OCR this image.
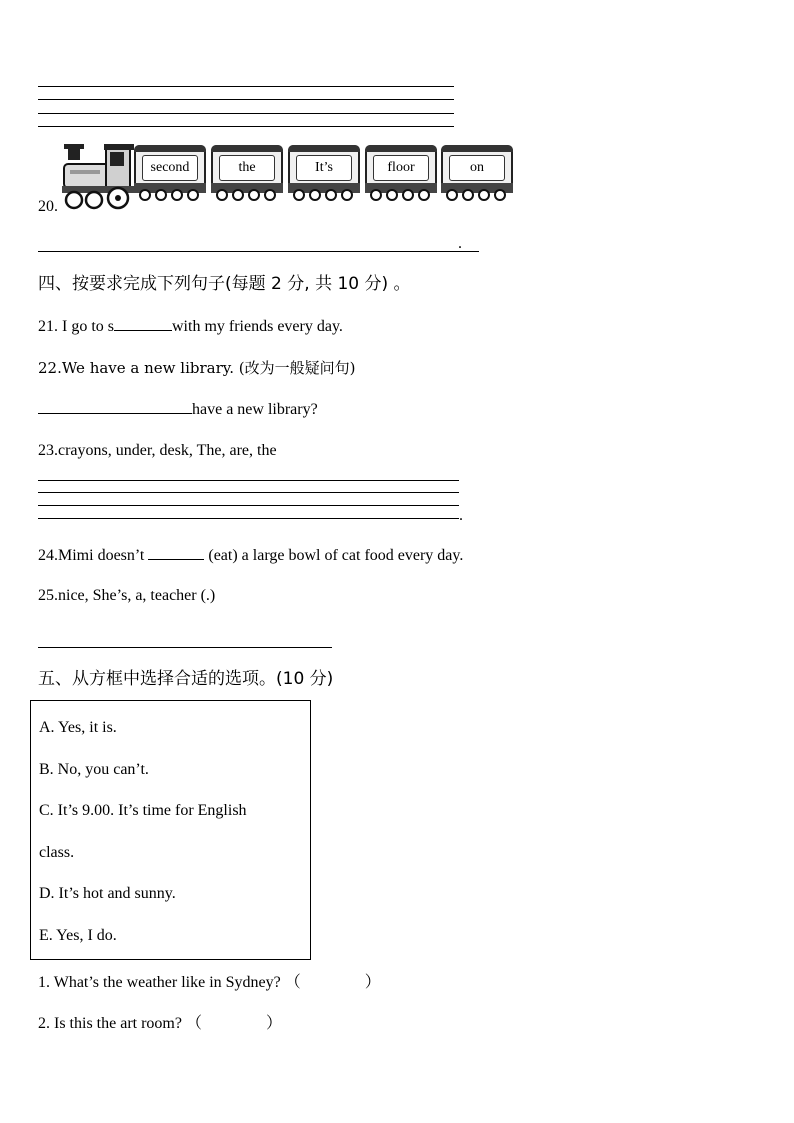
second	the	It’s	floor	on
20.
.
四、按要求完成下列句子(每题 2 分, 共 10 分) 。
21. I go to s	with my friends every day.
22.We have a new library. (改为一般疑问句)
have a new library?
23.crayons, under, desk, The, are, the
.
24.Mimi doesn’t	(eat) a large bowl of cat food every day.
25.nice, She’s, a, teacher (.)
五、从方框中选择合适的选项。(10 分)
A. Yes, it is.
B. No, you can’t.
C. It’s 9.00. It’s time for English
class.
D. It’s hot and sunny.
E. Yes, I do.
1. What’s the weather like in Sydney? （　　　　）
2. Is this the art room? （　　　　）
